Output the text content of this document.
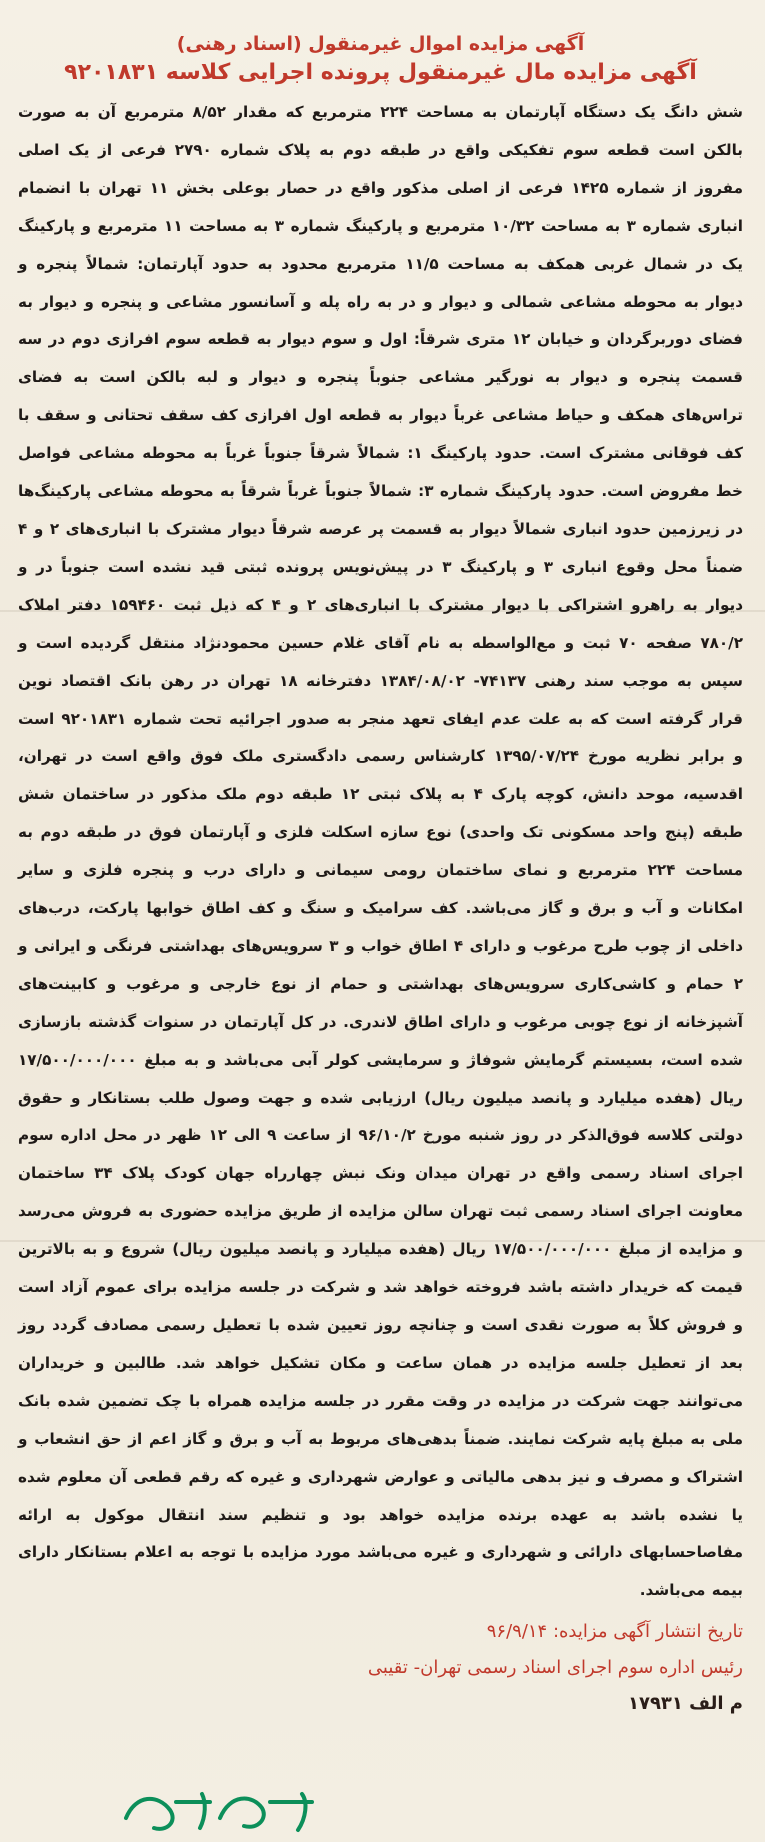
آگهی مزایده اموال غیرمنقول (اسناد رهنی)

آگهی مزایده مال غیرمنقول پرونده اجرایی کلاسه ۹۲۰۱۸۳۱

شش دانگ یک دستگاه آپارتمان به مساحت ۲۲۴ مترمربع که مقدار ۸/۵۲ مترمربع آن به صورت بالکن است قطعه سوم تفکیکی واقع در طبقه دوم به پلاک شماره ۲۷۹۰ فرعی از یک اصلی مفروز از شماره ۱۴۲۵ فرعی از اصلی مذکور واقع در حصار بوعلی بخش ۱۱ تهران با انضمام انباری شماره ۳ به مساحت ۱۰/۳۲ مترمربع و پارکینگ شماره ۳ به مساحت ۱۱ مترمربع و پارکینگ یک در شمال غربی همکف به مساحت ۱۱/۵ مترمربع محدود به حدود آپارتمان: شمالاً پنجره و دیوار به محوطه مشاعی شمالی و دیوار و در به راه پله و آسانسور مشاعی و پنجره و دیوار به فضای دوربرگردان و خیابان ۱۲ متری شرقاً: اول و سوم دیوار به قطعه سوم افرازی دوم در سه قسمت پنجره و دیوار به نورگیر مشاعی جنوباً پنجره و دیوار و لبه بالکن است به فضای تراس‌های همکف و حیاط مشاعی غرباً دیوار به قطعه اول افرازی کف سقف تحتانی و سقف با کف فوقانی مشترک است. حدود پارکینگ ۱: شمالاً شرقاً جنوباً غرباً به محوطه مشاعی فواصل خط مفروض است. حدود پارکینگ شماره ۳: شمالاً جنوباً غرباً شرقاً به محوطه مشاعی پارکینگ‌ها در زیرزمین حدود انباری شمالاً دیوار به قسمت پر عرصه شرقاً دیوار مشترک با انباری‌های ۲ و ۴ ضمناً محل وقوع انباری ۳ و پارکینگ ۳ در پیش‌نویس پرونده ثبتی قید نشده است جنوباً در و دیوار به راهرو اشتراکی با دیوار مشترک با انباری‌های ۲ و ۴ که ذیل ثبت ۱۵۹۴۶۰ دفتر املاک ۷۸۰/۲ صفحه ۷۰ ثبت و مع‌الواسطه به نام آقای غلام حسین محمودنژاد منتقل گردیده است و سپس به موجب سند رهنی ۷۴۱۳۷- ۱۳۸۴/۰۸/۰۲ دفترخانه ۱۸ تهران در رهن بانک اقتصاد نوین قرار گرفته است که به علت عدم ایفای تعهد منجر به صدور اجرائیه تحت شماره ۹۲۰۱۸۳۱ است و برابر نظریه مورخ ۱۳۹۵/۰۷/۲۴ کارشناس رسمی دادگستری ملک فوق واقع است در تهران، اقدسیه، موحد دانش، کوچه پارک ۴ به پلاک ثبتی ۱۲ طبقه دوم ملک مذکور در ساختمان شش طبقه (پنج واحد مسکونی تک واحدی) نوع سازه اسکلت فلزی و آپارتمان فوق در طبقه دوم به مساحت ۲۲۴ مترمربع و نمای ساختمان رومی سیمانی و دارای درب و پنجره فلزی و سایر امکانات و آب و برق و گاز می‌باشد. کف سرامیک و سنگ و کف اطاق خوابها پارکت، درب‌های داخلی از چوب طرح مرغوب و دارای ۴ اطاق خواب و ۳ سرویس‌های بهداشتی فرنگی و ایرانی و ۲ حمام و کاشی‌کاری سرویس‌های بهداشتی و حمام از نوع خارجی و مرغوب و کابینت‌های آشپزخانه از نوع چوبی مرغوب و دارای اطاق لاندری. در کل آپارتمان در سنوات گذشته بازسازی شده است، بسیستم گرمایش شوفاژ و سرمایشی کولر آبی می‌باشد و به مبلغ ۱۷/۵۰۰/۰۰۰/۰۰۰ ریال (هفده میلیارد و پانصد میلیون ریال) ارزیابی شده و جهت وصول طلب بستانکار و حقوق دولتی کلاسه فوق‌الذکر در روز شنبه مورخ ۹۶/۱۰/۲ از ساعت ۹ الی ۱۲ ظهر در محل اداره سوم اجرای اسناد رسمی واقع در تهران میدان ونک نبش چهارراه جهان کودک پلاک ۳۴ ساختمان معاونت اجرای اسناد رسمی ثبت تهران سالن مزایده از طریق مزایده حضوری به فروش می‌رسد و مزایده از مبلغ ۱۷/۵۰۰/۰۰۰/۰۰۰ ریال (هفده میلیارد و پانصد میلیون ریال) شروع و به بالاترین قیمت که خریدار داشته باشد فروخته خواهد شد و شرکت در جلسه مزایده برای عموم آزاد است و فروش کلاً به صورت نقدی است و چنانچه روز تعیین شده با تعطیل رسمی مصادف گردد روز بعد از تعطیل جلسه مزایده در همان ساعت و مکان تشکیل خواهد شد. طالبین و خریداران می‌توانند جهت شرکت در مزایده در وقت مقرر در جلسه مزایده همراه با چک تضمین شده بانک ملی به مبلغ پایه شرکت نمایند. ضمناً بدهی‌های مربوط به آب و برق و گاز اعم از حق انشعاب و اشتراک و مصرف و نیز بدهی مالیاتی و عوارض شهرداری و غیره که رقم قطعی آن معلوم شده یا نشده باشد به عهده برنده مزایده خواهد بود و تنظیم سند انتقال موکول به ارائه مفاصاحسابهای دارائی و شهرداری و غیره می‌باشد مورد مزایده با توجه به اعلام بستانکار دارای بیمه می‌باشد.

تاریخ انتشار آگهی مزایده: ۹۶/۹/۱۴

رئیس اداره سوم اجرای اسناد رسمی تهران- تقیبی

م الف ۱۷۹۳۱
